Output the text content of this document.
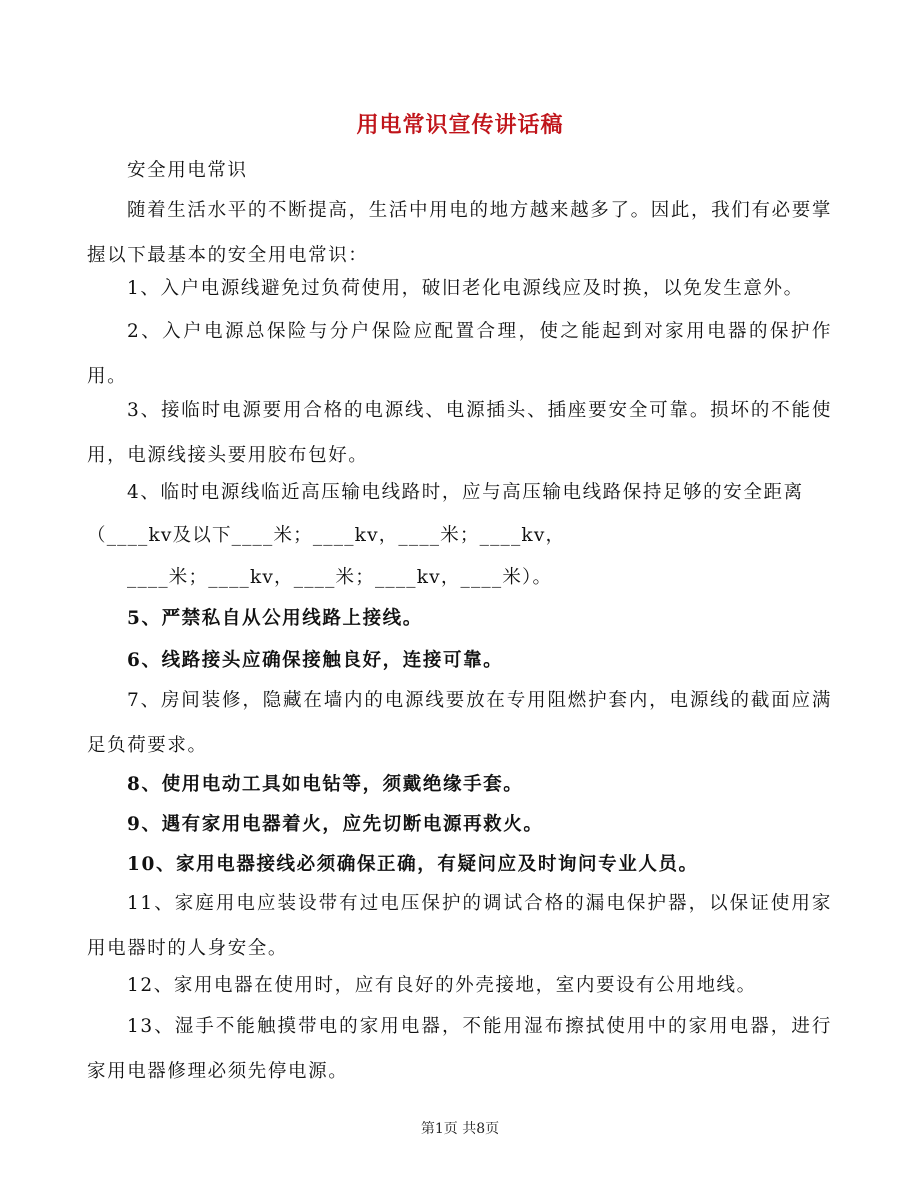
用电常识宣传讲话稿

安全用电常识

随着生活水平的不断提高，生活中用电的地方越来越多了。因此，我们有必要掌握以下最基本的安全用电常识：

1、入户电源线避免过负荷使用，破旧老化电源线应及时换，以免发生意外。

2、入户电源总保险与分户保险应配置合理，使之能起到对家用电器的保护作用。

3、接临时电源要用合格的电源线、电源插头、插座要安全可靠。损坏的不能使用，电源线接头要用胶布包好。

4、临时电源线临近高压输电线路时，应与高压输电线路保持足够的安全距离

（____kv及以下____米；____kv，____米；____kv，

____米；____kv，____米；____kv，____米）。

5、严禁私自从公用线路上接线。

6、线路接头应确保接触良好，连接可靠。

7、房间装修，隐藏在墙内的电源线要放在专用阻燃护套内，电源线的截面应满足负荷要求。

8、使用电动工具如电钻等，须戴绝缘手套。

9、遇有家用电器着火，应先切断电源再救火。

10、家用电器接线必须确保正确，有疑问应及时询问专业人员。

11、家庭用电应装设带有过电压保护的调试合格的漏电保护器，以保证使用家用电器时的人身安全。

12、家用电器在使用时，应有良好的外壳接地，室内要设有公用地线。

13、湿手不能触摸带电的家用电器，不能用湿布擦拭使用中的家用电器，进行家用电器修理必须先停电源。

第1页 共8页
